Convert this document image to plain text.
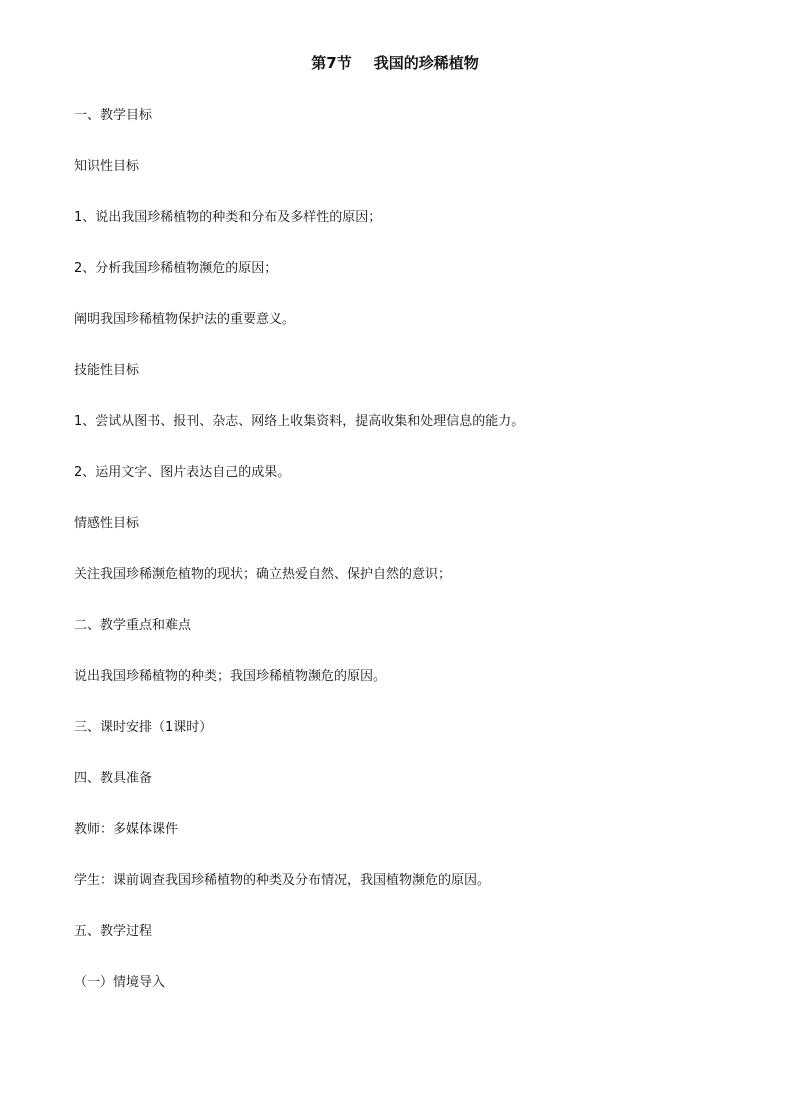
第7节 我国的珍稀植物
一、教学目标
知识性目标
1、说出我国珍稀植物的种类和分布及多样性的原因；
2、分析我国珍稀植物濒危的原因；
阐明我国珍稀植物保护法的重要意义。
技能性目标
1、尝试从图书、报刊、杂志、网络上收集资料，提高收集和处理信息的能力。
2、运用文字、图片表达自己的成果。
情感性目标
关注我国珍稀濒危植物的现状；确立热爱自然、保护自然的意识；
二、教学重点和难点
说出我国珍稀植物的种类；我国珍稀植物濒危的原因。
三、课时安排（1课时）
四、教具准备
教师：多媒体课件
学生：课前调查我国珍稀植物的种类及分布情况，我国植物濒危的原因。
五、教学过程
（一）情境导入
